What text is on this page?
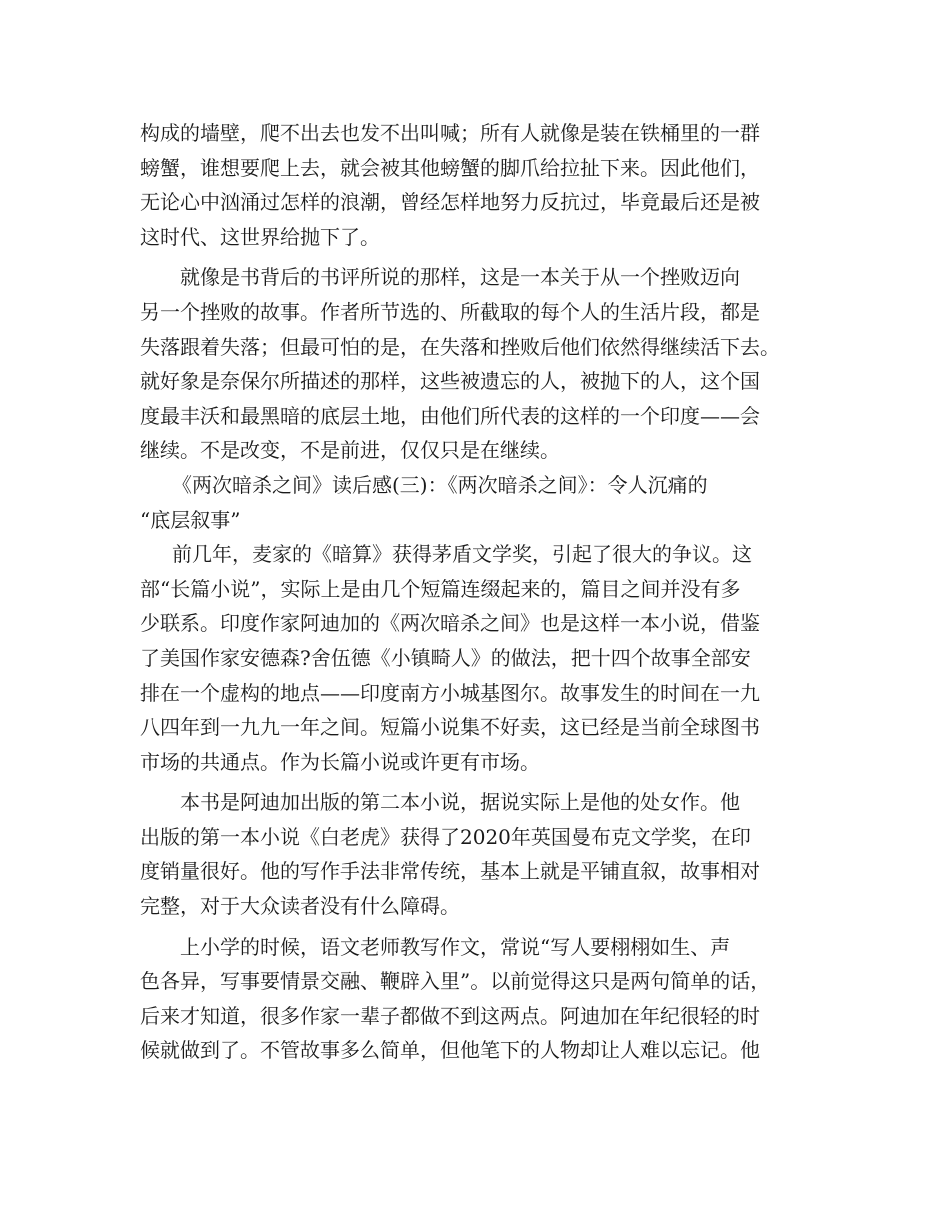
构成的墙壁，爬不出去也发不出叫喊；所有人就像是装在铁桶里的一群
螃蟹，谁想要爬上去，就会被其他螃蟹的脚爪给拉扯下来。因此他们，
无论心中汹涌过怎样的浪潮，曾经怎样地努力反抗过，毕竟最后还是被
这时代、这世界给抛下了。
就像是书背后的书评所说的那样，这是一本关于从一个挫败迈向
另一个挫败的故事。作者所节选的、所截取的每个人的生活片段，都是
失落跟着失落；但最可怕的是，在失落和挫败后他们依然得继续活下去。
就好象是奈保尔所描述的那样，这些被遗忘的人，被抛下的人，这个国
度最丰沃和最黑暗的底层土地，由他们所代表的这样的一个印度——会
继续。不是改变，不是前进，仅仅只是在继续。
《两次暗杀之间》读后感(三)：《两次暗杀之间》：令人沉痛的
“底层叙事”
前几年，麦家的《暗算》获得茅盾文学奖，引起了很大的争议。这
部“长篇小说”，实际上是由几个短篇连缀起来的，篇目之间并没有多
少联系。印度作家阿迪加的《两次暗杀之间》也是这样一本小说，借鉴
了美国作家安德森?舍伍德《小镇畸人》的做法，把十四个故事全部安
排在一个虚构的地点——印度南方小城基图尔。故事发生的时间在一九
八四年到一九九一年之间。短篇小说集不好卖，这已经是当前全球图书
市场的共通点。作为长篇小说或许更有市场。
本书是阿迪加出版的第二本小说，据说实际上是他的处女作。他
出版的第一本小说《白老虎》获得了2020年英国曼布克文学奖，在印
度销量很好。他的写作手法非常传统，基本上就是平铺直叙，故事相对
完整，对于大众读者没有什么障碍。
上小学的时候，语文老师教写作文，常说“写人要栩栩如生、声
色各异，写事要情景交融、鞭辟入里”。以前觉得这只是两句简单的话，
后来才知道，很多作家一辈子都做不到这两点。阿迪加在年纪很轻的时
候就做到了。不管故事多么简单，但他笔下的人物却让人难以忘记。他
